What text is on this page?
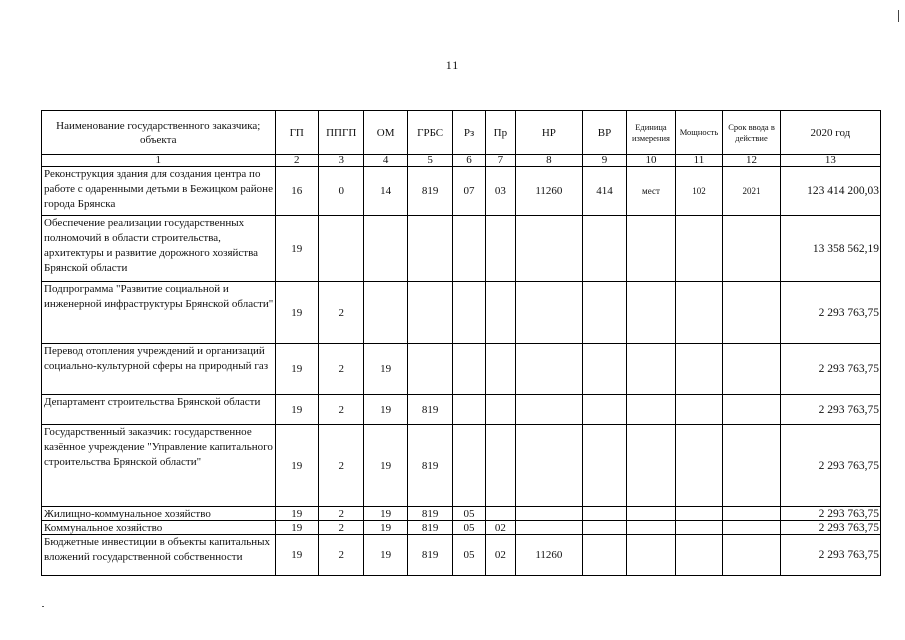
11
Наименование государственного заказчика; объекта	ГП	ППГП	ОМ	ГРБС	Рз	Пр	НР	ВР	Единица измерения	Мощность	Срок ввода в действие	2020 год
1	2	3	4	5	6	7	8	9	10	11	12	13
Реконструкция здания для создания центра по работе с одаренными детьми в Бежицком районе города Брянска	16	0	14	819	07	03	11260	414	мест	102	2021	123 414 200,03
Обеспечение реализации государственных полномочий в области строительства, архитектуры и развитие дорожного хозяйства Брянской области	19											13 358 562,19
Подпрограмма "Развитие социальной и инженерной инфраструктуры Брянской области"	19	2										2 293 763,75
Перевод отопления учреждений и организаций социально-культурной сферы на природный газ	19	2	19									2 293 763,75
Департамент строительства Брянской области	19	2	19	819								2 293 763,75
Государственный заказчик: государственное казённое учреждение "Управление капитального строительства Брянской области"	19	2	19	819								2 293 763,75
Жилищно-коммунальное хозяйство	19	2	19	819	05							2 293 763,75
Коммунальное хозяйство	19	2	19	819	05	02						2 293 763,75
Бюджетные инвестиции в объекты капитальных вложений государственной собственности	19	2	19	819	05	02	11260					2 293 763,75
